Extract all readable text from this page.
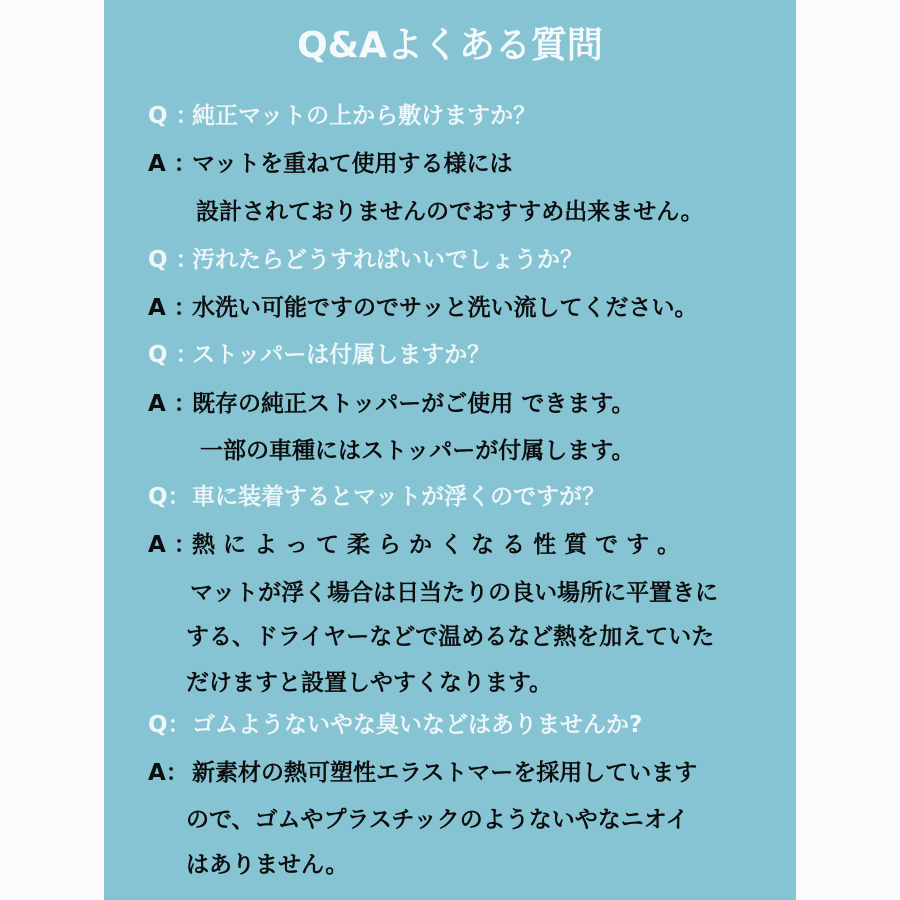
Q&Aよくある質問
Q ：純正マットの上から敷けますか？
A ：マットを重ねて使用する様には
設計されておりませんのでおすすめ出来ません。
Q ：汚れたらどうすればいいでしょうか？
A ：水洗い可能ですのでサッと洗い流してください。
Q ：ストッパーは付属しますか？
A ：既存の純正ストッパーがご使用 できます。
一部の車種にはストッパーが付属します。
Q：車に装着するとマットが浮くのですが？
A ：熱 に よ っ て 柔 ら か く な る 性 質 で す 。
マットが浮く場合は日当たりの良い場所に平置きに
する、ドライヤーなどで温めるなど熱を加えていた
だけますと設置しやすくなります。
Q：ゴムようないやな臭いなどはありませんか?
A： 新素材の熱可塑性エラストマーを採用しています
ので、ゴムやプラスチックのようないやなニオイ
はありません。
